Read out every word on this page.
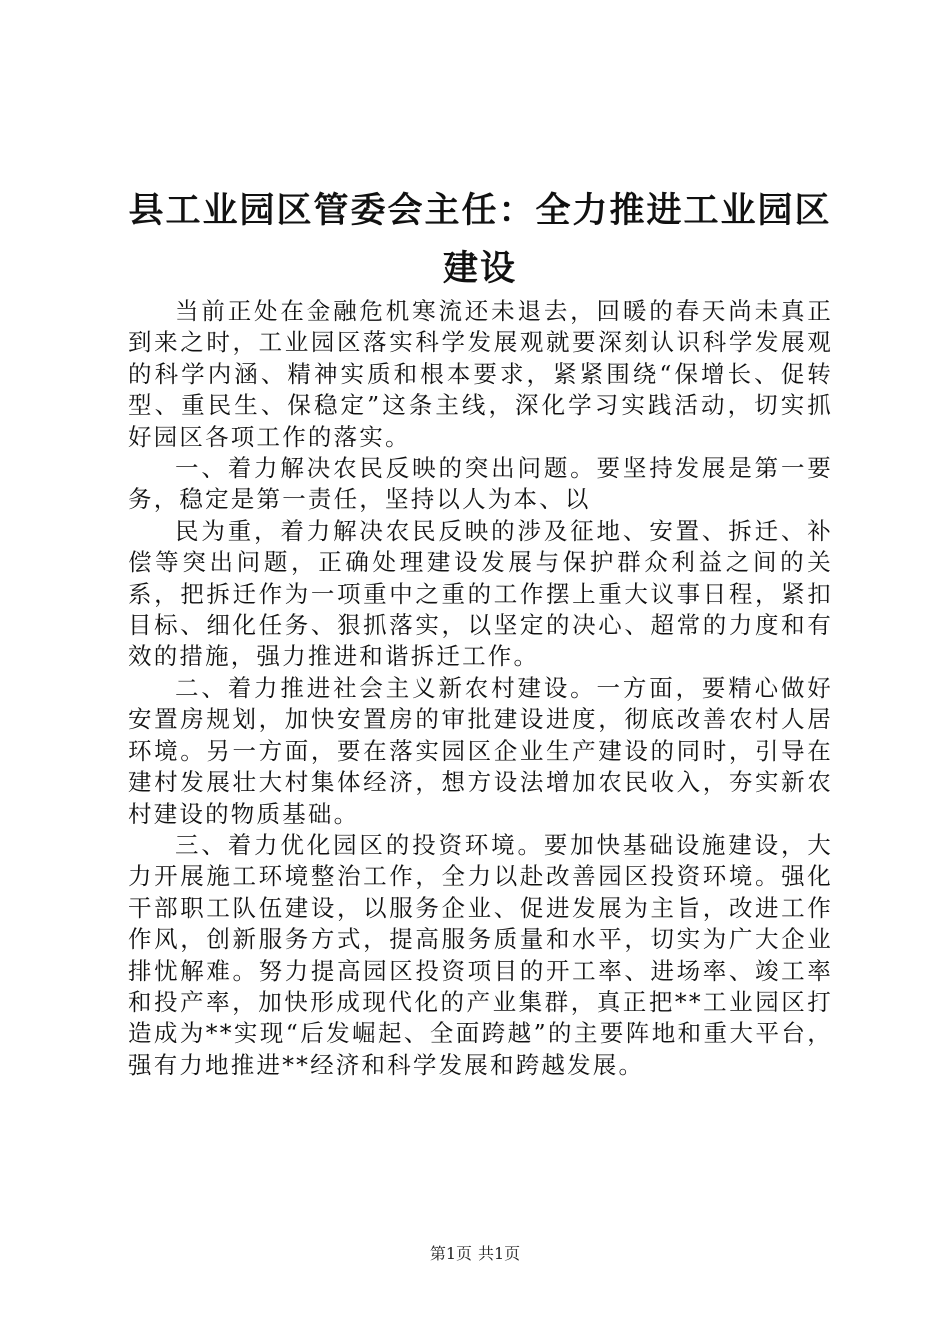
县工业园区管委会主任：全力推进工业园区建设

当前正处在金融危机寒流还未退去，回暖的春天尚未真正到来之时，工业园区落实科学发展观就要深刻认识科学发展观的科学内涵、精神实质和根本要求，紧紧围绕“保增长、促转型、重民生、保稳定”这条主线，深化学习实践活动，切实抓好园区各项工作的落实。

一、着力解决农民反映的突出问题。要坚持发展是第一要务，稳定是第一责任，坚持以人为本、以

民为重，着力解决农民反映的涉及征地、安置、拆迁、补偿等突出问题，正确处理建设发展与保护群众利益之间的关系，把拆迁作为一项重中之重的工作摆上重大议事日程，紧扣目标、细化任务、狠抓落实，以坚定的决心、超常的力度和有效的措施，强力推进和谐拆迁工作。

二、着力推进社会主义新农村建设。一方面，要精心做好安置房规划，加快安置房的审批建设进度，彻底改善农村人居环境。另一方面，要在落实园区企业生产建设的同时，引导在建村发展壮大村集体经济，想方设法增加农民收入，夯实新农村建设的物质基础。

三、着力优化园区的投资环境。要加快基础设施建设，大力开展施工环境整治工作，全力以赴改善园区投资环境。强化干部职工队伍建设，以服务企业、促进发展为主旨，改进工作作风，创新服务方式，提高服务质量和水平，切实为广大企业排忧解难。努力提高园区投资项目的开工率、进场率、竣工率和投产率，加快形成现代化的产业集群，真正把**工业园区打造成为**实现“后发崛起、全面跨越”的主要阵地和重大平台，强有力地推进**经济和科学发展和跨越发展。

第1页 共1页
